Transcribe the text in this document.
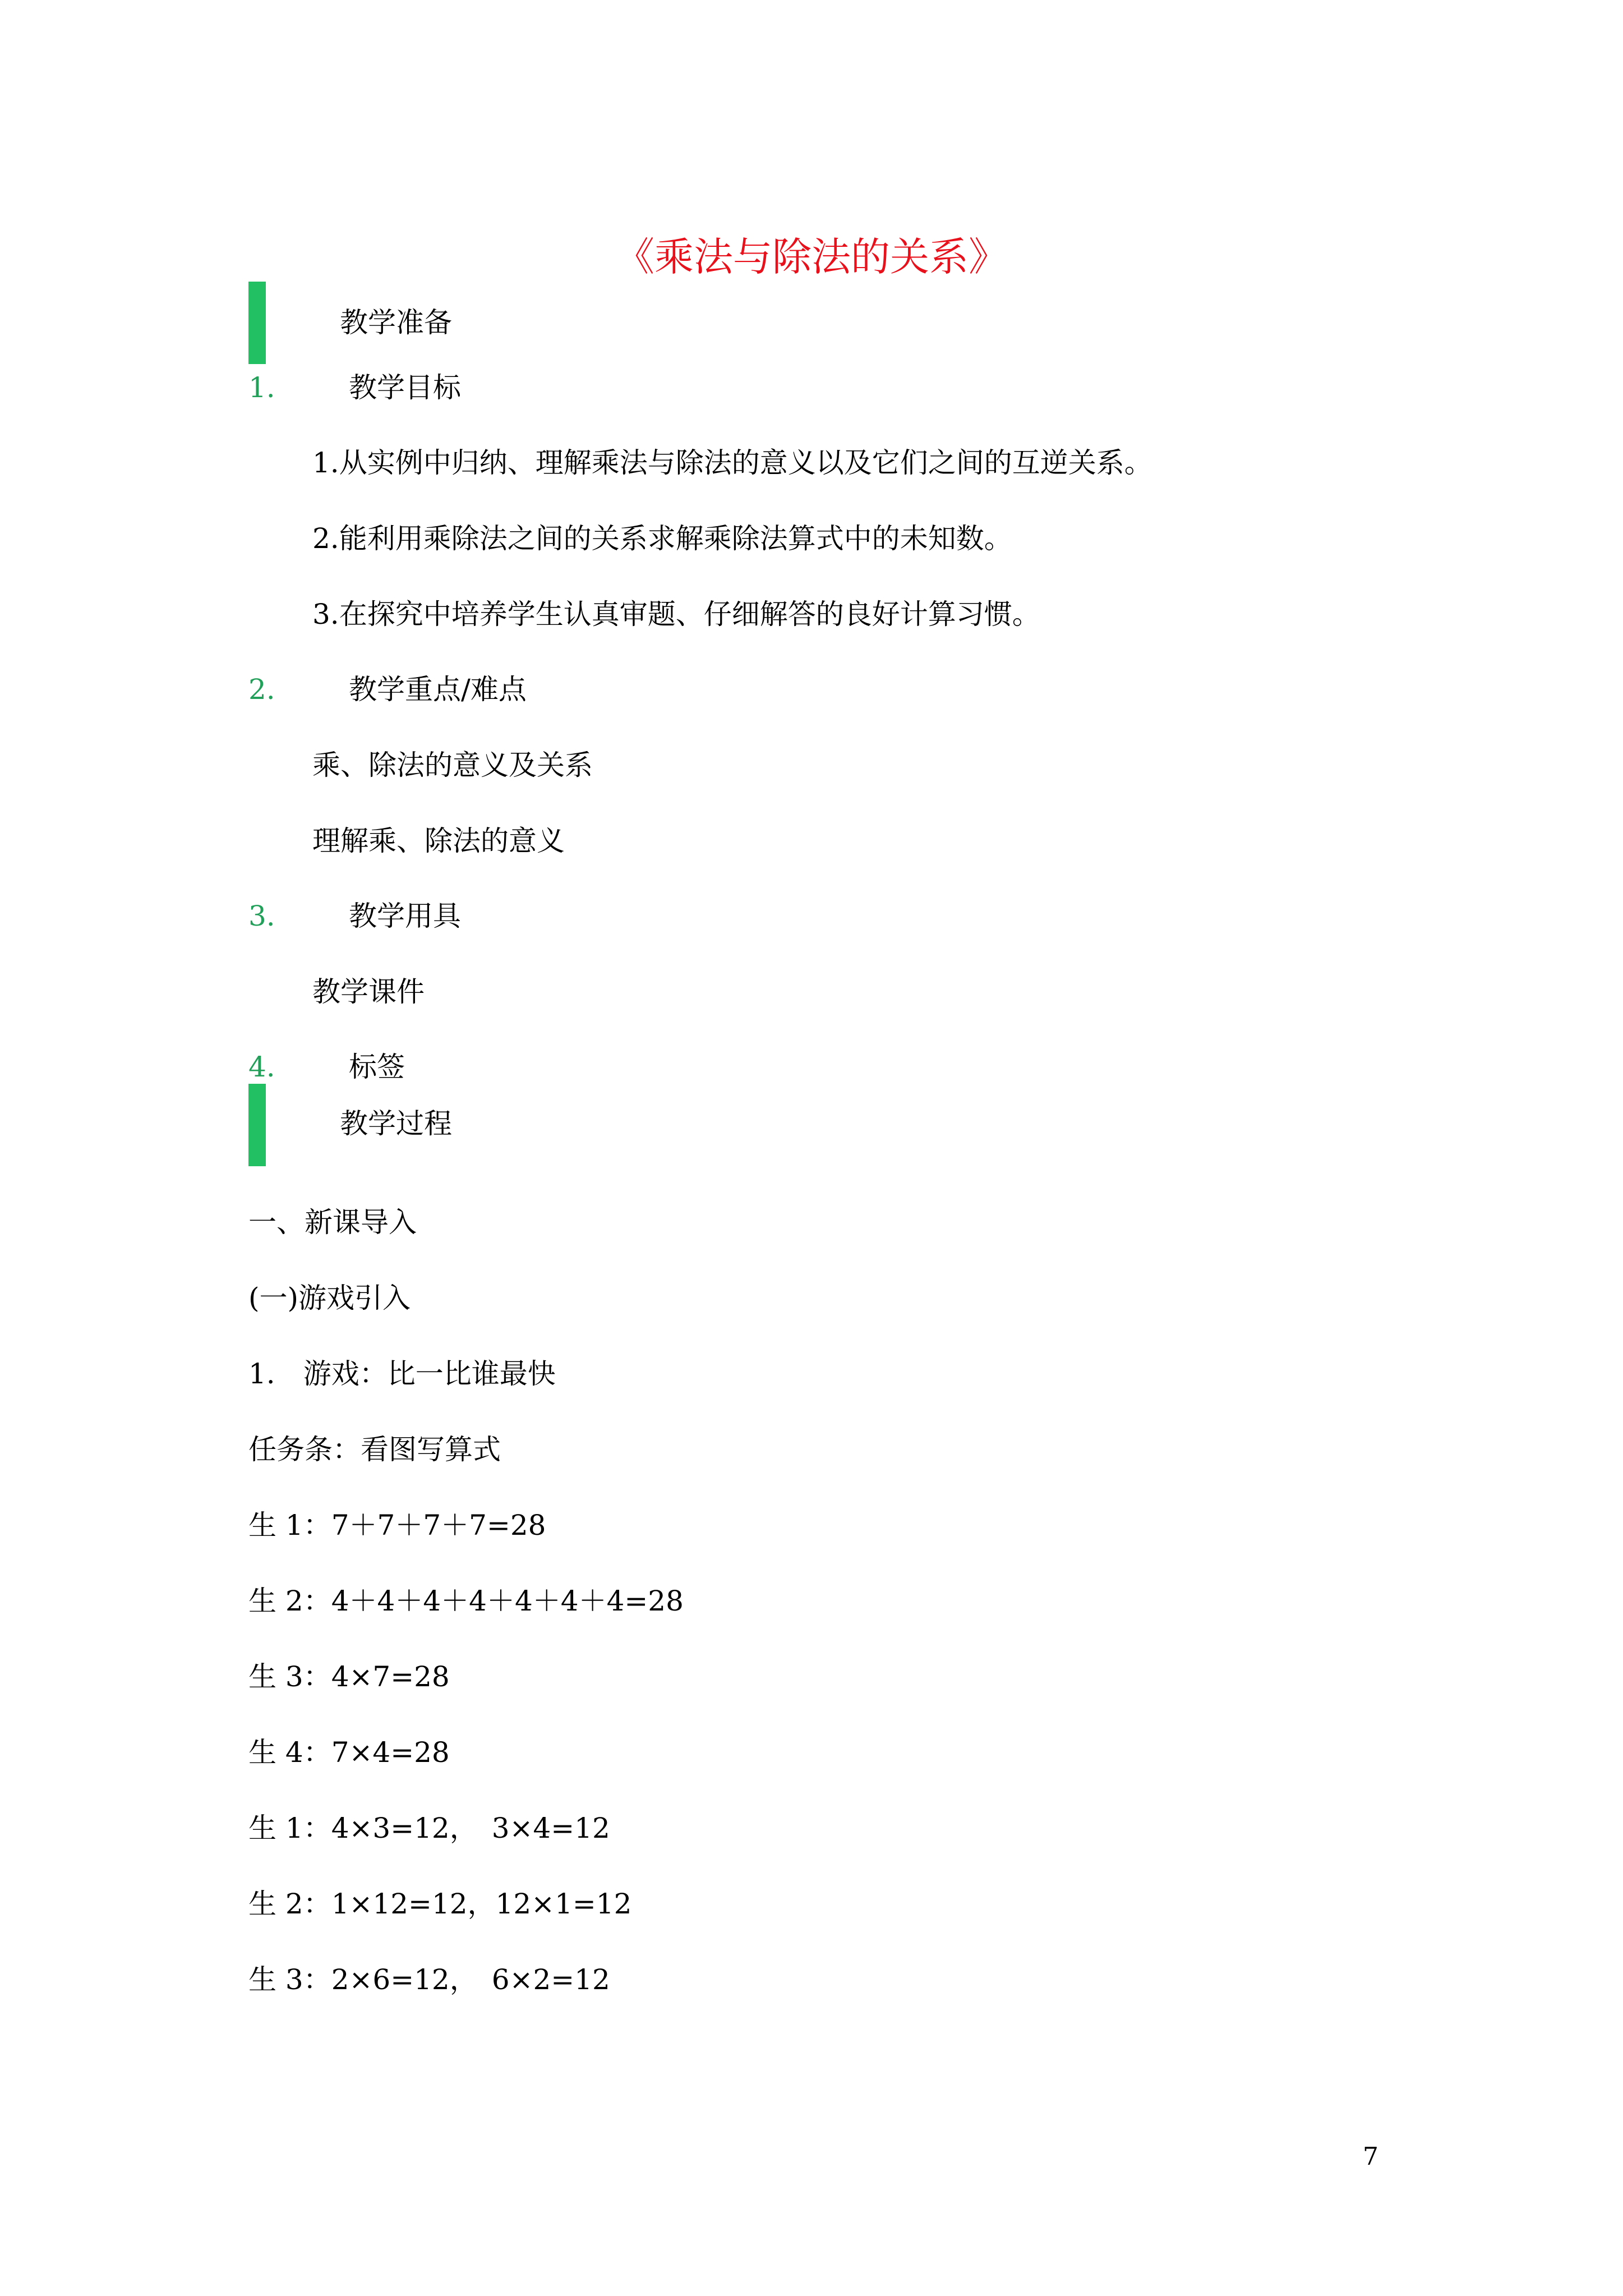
《乘法与除法的关系》
教学准备
1.	教学目标
1.从实例中归纳、理解乘法与除法的意义以及它们之间的互逆关系。
2.能利用乘除法之间的关系求解乘除法算式中的未知数。
3.在探究中培养学生认真审题、仔细解答的良好计算习惯。
2.	教学重点/难点
乘、除法的意义及关系
理解乘、除法的意义
3.	教学用具
教学课件
4.	标签
教学过程
一、新课导入
(一)游戏引入
1.　游戏：比一比谁最快
任务条：看图写算式
生 1：7＋7＋7＋7=28
生 2：4＋4＋4＋4＋4＋4＋4=28
生 3：4×7=28
生 4：7×4=28
生 1：4×3=12，　3×4=12
生 2：1×12=12，12×1=12
生 3：2×6=12，　6×2=12
7
